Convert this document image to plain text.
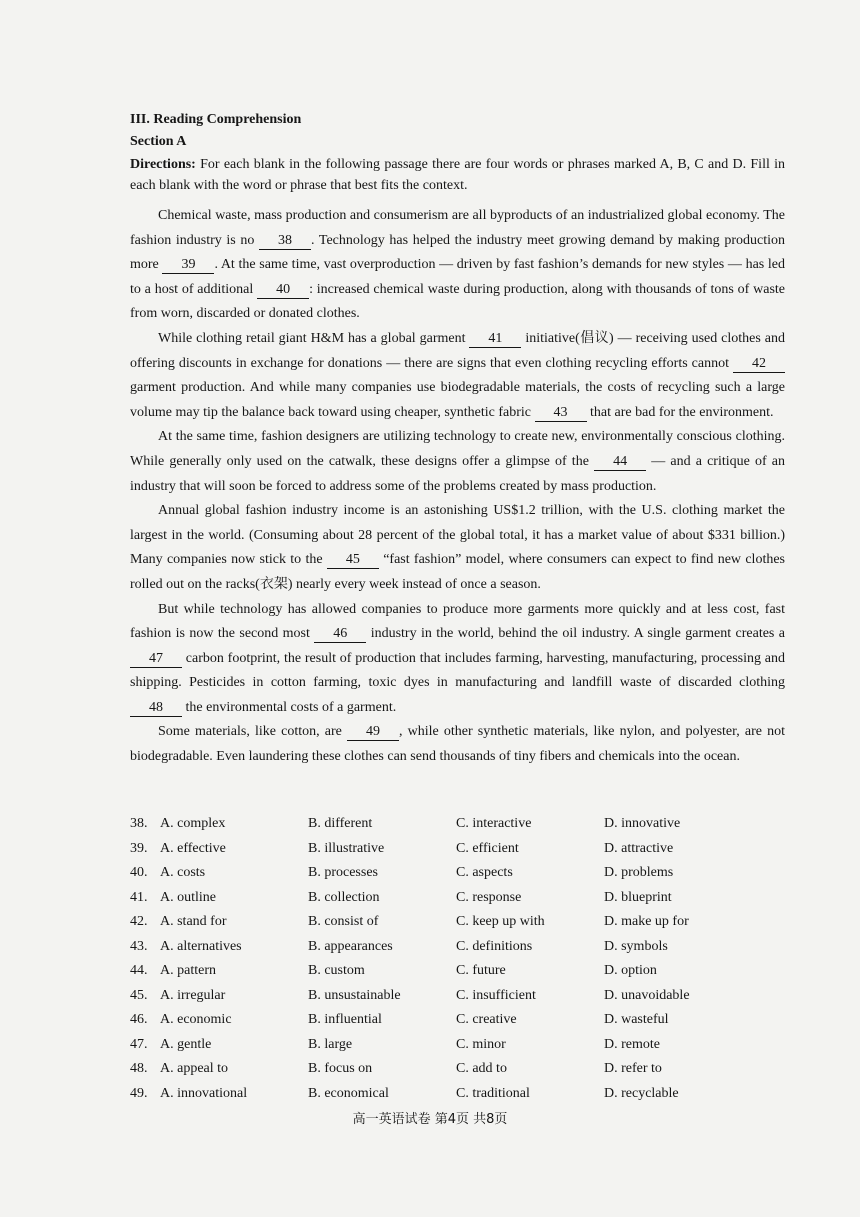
III. Reading Comprehension
Section A
Directions: For each blank in the following passage there are four words or phrases marked A, B, C and D. Fill in each blank with the word or phrase that best fits the context.

Chemical waste, mass production and consumerism are all byproducts of an industrialized global economy. The fashion industry is no 38 . Technology has helped the industry meet growing demand by making production more 39 . At the same time, vast overproduction — driven by fast fashion’s demands for new styles — has led to a host of additional 40 : increased chemical waste during production, along with thousands of tons of waste from worn, discarded or donated clothes.

While clothing retail giant H&M has a global garment 41 initiative(倡议) — receiving used clothes and offering discounts in exchange for donations — there are signs that even clothing recycling efforts cannot 42 garment production. And while many companies use biodegradable materials, the costs of recycling such a large volume may tip the balance back toward using cheaper, synthetic fabric 43 that are bad for the environment.

At the same time, fashion designers are utilizing technology to create new, environmentally conscious clothing. While generally only used on the catwalk, these designs offer a glimpse of the 44 — and a critique of an industry that will soon be forced to address some of the problems created by mass production.

Annual global fashion industry income is an astonishing US$1.2 trillion, with the U.S. clothing market the largest in the world. (Consuming about 28 percent of the global total, it has a market value of about $331 billion.) Many companies now stick to the 45 “fast fashion” model, where consumers can expect to find new clothes rolled out on the racks(衣架) nearly every week instead of once a season.

But while technology has allowed companies to produce more garments more quickly and at less cost, fast fashion is now the second most 46 industry in the world, behind the oil industry. A single garment creates a 47 carbon footprint, the result of production that includes farming, harvesting, manufacturing, processing and shipping. Pesticides in cotton farming, toxic dyes in manufacturing and landfill waste of discarded clothing 48 the environmental costs of a garment.

Some materials, like cotton, are 49 , while other synthetic materials, like nylon, and polyester, are not biodegradable. Even laundering these clothes can send thousands of tiny fibers and chemicals into the ocean.

38. A. complex	B. different	C. interactive	D. innovative
39. A. effective	B. illustrative	C. efficient	D. attractive
40. A. costs	B. processes	C. aspects	D. problems
41. A. outline	B. collection	C. response	D. blueprint
42. A. stand for	B. consist of	C. keep up with	D. make up for
43. A. alternatives	B. appearances	C. definitions	D. symbols
44. A. pattern	B. custom	C. future	D. option
45. A. irregular	B. unsustainable	C. insufficient	D. unavoidable
46. A. economic	B. influential	C. creative	D. wasteful
47. A. gentle	B. large	C. minor	D. remote
48. A. appeal to	B. focus on	C. add to	D. refer to
49. A. innovational	B. economical	C. traditional	D. recyclable
高一英语试卷 第4页 共8页
